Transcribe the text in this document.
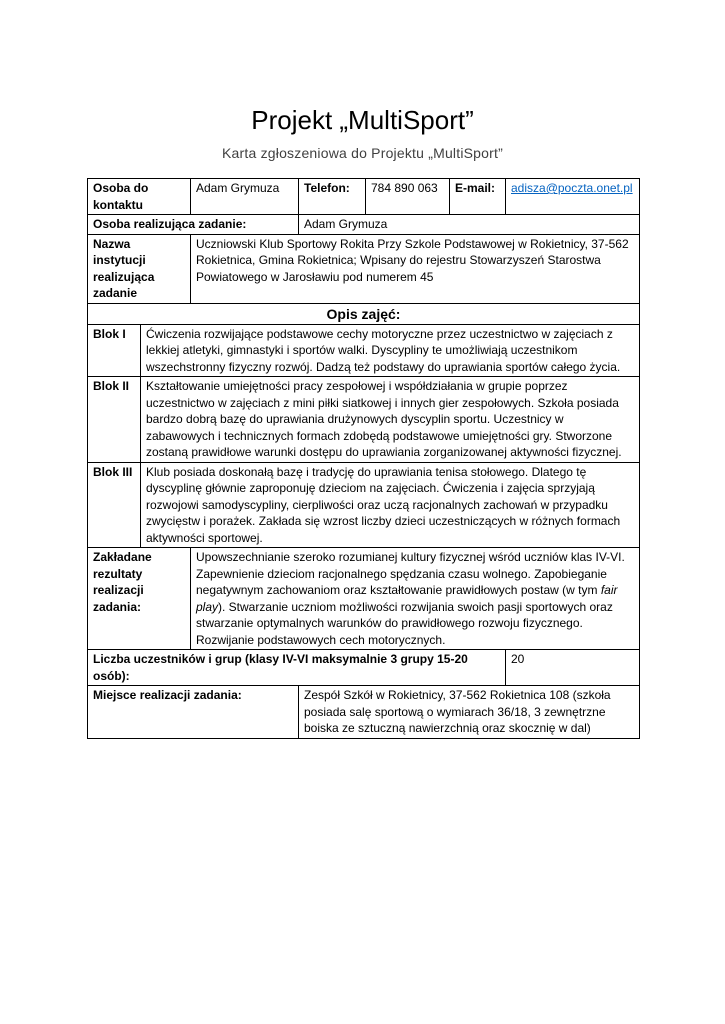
Projekt „MultiSport”
Karta zgłoszeniowa do Projektu „MultiSport”
Osoba do kontaktu		Adam Grymuza	Telefon:	784 890 063	E-mail:	adisza@poczta.onet.pl
Osoba realizująca zadanie:			Adam Grymuza			
Nazwa instytucji realizująca zadanie		Uczniowski Klub Sportowy Rokita Przy Szkole Podstawowej w Rokietnicy, 37-562 Rokietnica, Gmina Rokietnica; Wpisany do rejestru Stowarzyszeń Starostwa Powiatowego w Jarosławiu pod numerem 45				
Opis zajęć:						
Blok I	Ćwiczenia rozwijające podstawowe cechy motoryczne przez uczestnictwo w zajęciach z lekkiej atletyki, gimnastyki i sportów walki. Dyscypliny te umożliwiają uczestnikom wszechstronny fizyczny rozwój. Dadzą też podstawy do uprawiania sportów całego życia.					
Blok II	Kształtowanie umiejętności pracy zespołowej i współdziałania w grupie poprzez uczestnictwo w zajęciach z mini piłki siatkowej i innych gier zespołowych. Szkoła posiada bardzo dobrą bazę do uprawiania drużynowych dyscyplin sportu. Uczestnicy w zabawowych i technicznych formach zdobędą podstawowe umiejętności gry. Stworzone zostaną prawidłowe warunki dostępu do uprawiania zorganizowanej aktywności fizycznej.					
Blok III	Klub posiada doskonałą bazę i tradycję do uprawiania tenisa stołowego. Dlatego tę dyscyplinę głównie zaproponuję dzieciom na zajęciach. Ćwiczenia i zajęcia sprzyjają rozwojowi samodyscypliny, cierpliwości oraz uczą racjonalnych zachowań w przypadku zwycięstw i porażek. Zakłada się wzrost liczby dzieci uczestniczących w różnych formach aktywności sportowej.					
Zakładane rezultaty realizacji zadania:		Upowszechnianie szeroko rozumianej kultury fizycznej wśród uczniów klas IV-VI. Zapewnienie dzieciom racjonalnego spędzania czasu wolnego. Zapobieganie negatywnym zachowaniom oraz kształtowanie prawidłowych postaw (w tym fair play). Stwarzanie uczniom możliwości rozwijania swoich pasji sportowych oraz stwarzanie optymalnych warunków do prawidłowego rozwoju fizycznego. Rozwijanie podstawowych cech motorycznych.				
Liczba uczestników i grup (klasy IV-VI maksymalnie 3 grupy 15-20 osób):						20
Miejsce realizacji zadania:			Zespół Szkół w Rokietnicy, 37-562 Rokietnica 108 (szkoła posiada salę sportową o wymiarach 36/18, 3 zewnętrzne boiska ze sztuczną nawierzchnią oraz skocznię w dal)			
